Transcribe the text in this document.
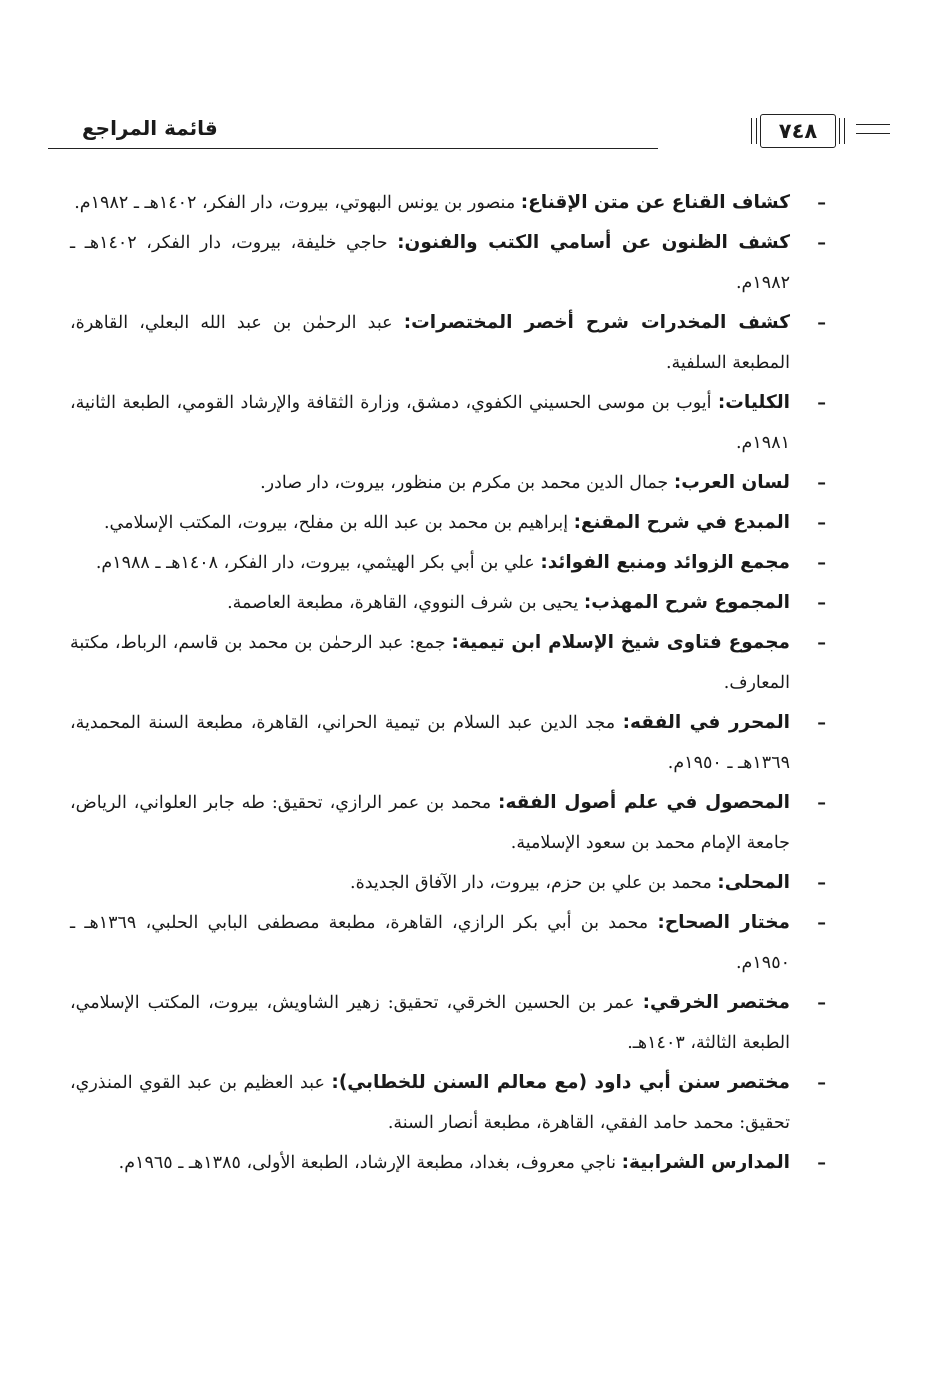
قائمة المراجع	٧٤٨
– كشاف القناع عن متن الإقناع: منصور بن يونس البهوتي، بيروت، دار الفكر، ١٤٠٢هـ ـ ١٩٨٢م.
– كشف الظنون عن أسامي الكتب والفنون: حاجي خليفة، بيروت، دار الفكر، ١٤٠٢هـ ـ ١٩٨٢م.
– كشف المخدرات شرح أخصر المختصرات: عبد الرحمٰن بن عبد الله البعلي، القاهرة، المطبعة السلفية.
– الكليات: أيوب بن موسى الحسيني الكفوي، دمشق، وزارة الثقافة والإرشاد القومي، الطبعة الثانية، ١٩٨١م.
– لسان العرب: جمال الدين محمد بن مكرم بن منظور، بيروت، دار صادر.
– المبدع في شرح المقنع: إبراهيم بن محمد بن عبد الله بن مفلح، بيروت، المكتب الإسلامي.
– مجمع الزوائد ومنبع الفوائد: علي بن أبي بكر الهيثمي، بيروت، دار الفكر، ١٤٠٨هـ ـ ١٩٨٨م.
– المجموع شرح المهذب: يحيى بن شرف النووي، القاهرة، مطبعة العاصمة.
– مجموع فتاوى شيخ الإسلام ابن تيمية: جمع: عبد الرحمٰن بن محمد بن قاسم، الرباط، مكتبة المعارف.
– المحرر في الفقه: مجد الدين عبد السلام بن تيمية الحراني، القاهرة، مطبعة السنة المحمدية، ١٣٦٩هـ ـ ١٩٥٠م.
– المحصول في علم أصول الفقه: محمد بن عمر الرازي، تحقيق: طه جابر العلواني، الرياض، جامعة الإمام محمد بن سعود الإسلامية.
– المحلى: محمد بن علي بن حزم، بيروت، دار الآفاق الجديدة.
– مختار الصحاح: محمد بن أبي بكر الرازي، القاهرة، مطبعة مصطفى البابي الحلبي، ١٣٦٩هـ ـ ١٩٥٠م.
– مختصر الخرقي: عمر بن الحسين الخرقي، تحقيق: زهير الشاويش، بيروت، المكتب الإسلامي، الطبعة الثالثة، ١٤٠٣هـ.
– مختصر سنن أبي داود (مع معالم السنن للخطابي): عبد العظيم بن عبد القوي المنذري، تحقيق: محمد حامد الفقي، القاهرة، مطبعة أنصار السنة.
– المدارس الشرابية: ناجي معروف، بغداد، مطبعة الإرشاد، الطبعة الأولى، ١٣٨٥هـ ـ ١٩٦٥م.
